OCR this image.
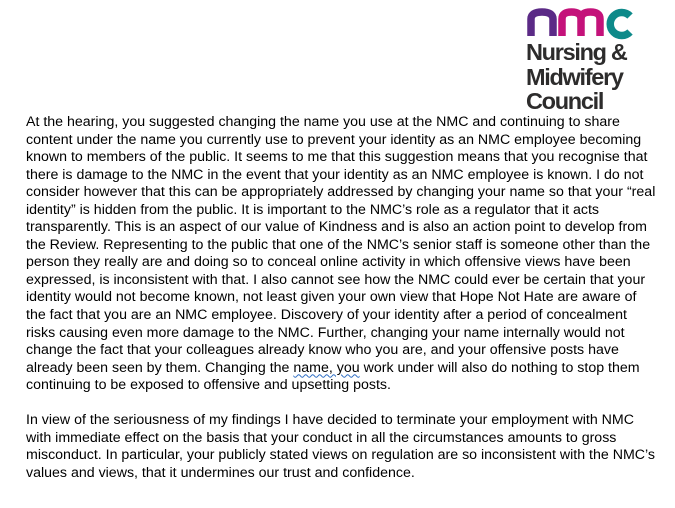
Nursing &

Midwifery

Council

At the hearing, you suggested changing the name you use at the NMC and continuing to share content under the name you currently use to prevent your identity as an NMC employee becoming known to members of the public. It seems to me that this suggestion means that you recognise that there is damage to the NMC in the event that your identity as an NMC employee is known. I do not consider however that this can be appropriately addressed by changing your name so that your “real identity” is hidden from the public. It is important to the NMC’s role as a regulator that it acts transparently. This is an aspect of our value of Kindness and is also an action point to develop from the Review. Representing to the public that one of the NMC’s senior staff is someone other than the person they really are and doing so to conceal online activity in which offensive views have been expressed, is inconsistent with that. I also cannot see how the NMC could ever be certain that your identity would not become known, not least given your own view that Hope Not Hate are aware of the fact that you are an NMC employee. Discovery of your identity after a period of concealment risks causing even more damage to the NMC. Further, changing your name internally would not change the fact that your colleagues already know who you are, and your offensive posts have already been seen by them. Changing the name, you work under will also do nothing to stop them continuing to be exposed to offensive and upsetting posts.

In view of the seriousness of my findings I have decided to terminate your employment with NMC with immediate effect on the basis that your conduct in all the circumstances amounts to gross misconduct. In particular, your publicly stated views on regulation are so inconsistent with the NMC’s values and views, that it undermines our trust and confidence.
